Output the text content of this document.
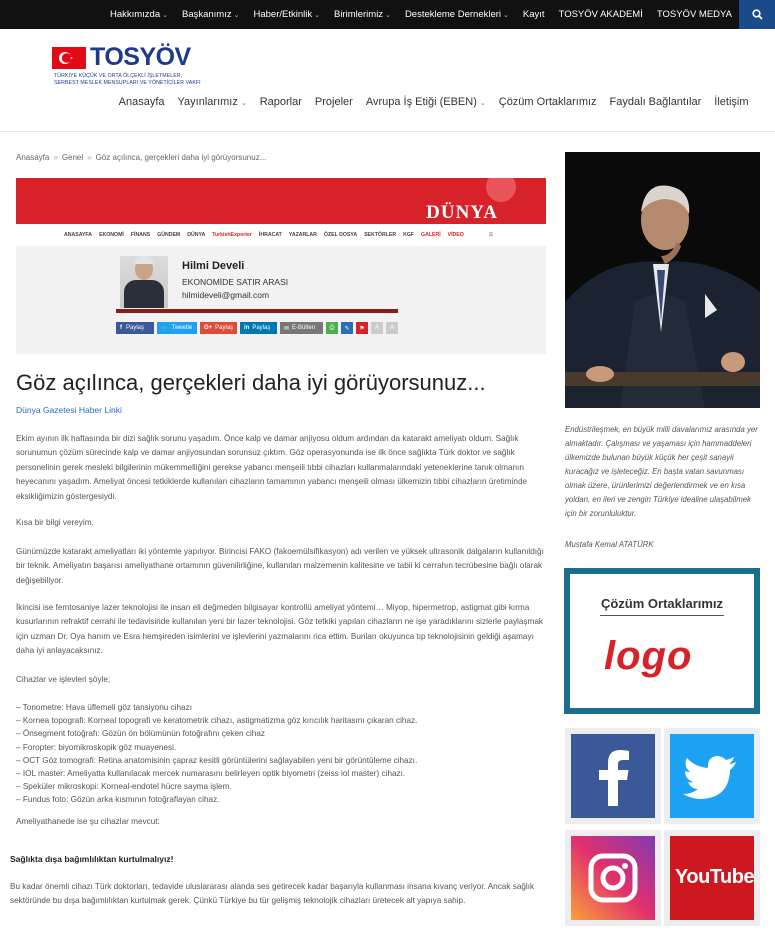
Hakkımızda ⌄ Başkanımız ⌄ Haber/Etkinlik ⌄ Birimlerimiz ⌄ Destekleme Dernekleri ⌄ Kayıt TOSYÖV AKADEMİ TOSYÖV MEDYA
TOSYÖV
TÜRKİYE KÜÇÜK VE ORTA ÖLÇEKLİ İŞLETMELER,
SERBEST MESLEK MENSUPLARI VE YÖNETİCİLER VAKFI
Anasayfa	Yayınlarımız ⌄	Raporlar	Projeler	Avrupa İş Etiği (EBEN) ⌄	Çözüm Ortaklarımız	Faydalı Bağlantılar	İletişim
Anasayfa » Genel » Göz açılınca, gerçekleri daha iyi görüyorsunuz...
DÜNYA
ANASAYFA EKONOMİ FİNANS GÜNDEM DÜNYA TurkishExporter İHRACAT YAZARLAR ÖZEL DOSYA SEKTÖRLER KGF GALERİ VİDEO	☰
Hilmi Develi
EKONOMİDE SATIR ARASI
hilmideveli@gmail.com
f Paylaş	🐦 Tweetle G+ Paylaş in Paylaş ✉ E-Bülten	⎙	✎	⚑	A	A
Göz açılınca, gerçekleri daha iyi görüyorsunuz...
Dünya Gazetesi Haber Linki

Ekim ayının ilk haftasında bir dizi sağlık sorunu yaşadım. Önce kalp ve damar anjiyosu oldum ardından da katarakt ameliyatı oldum. Sağlık sorunumun çözüm sürecinde kalp ve damar anjiyosundan sorunsuz çıktım. Göz operasyonunda ise ilk önce sağlıkta Türk doktor ve sağlık personelinin gerek mesleki bilgilerinin mükemmelliğini gerekse yabancı menşeili tıbbi cihazları kullanmalarındaki yeteneklerine tanık olmanın heyecanını yaşadım. Ameliyat öncesi tetkiklerde kullanılan cihazların tamamının yabancı menşeili olması ülkemizin tıbbi cihazların üretiminde eksikliğimizin göstergesiydi.

Kısa bir bilgi vereyim.

Günümüzde katarakt ameliyatları iki yöntemle yapılıyor. Birincisi FAKO (fakoemülsifikasyon) adı verilen ve yüksek ultrasonik dalgaların kullanıldığı bir teknik. Ameliyatın başarısı ameliyathane ortamının güvenilirliğine, kullanılan malzemenin kalitesine ve tabii ki cerrahın tecrübesine bağlı olarak değişebiliyor.

İkincisi ise femtosaniye lazer teknolojisi ile insan eli değmeden bilgisayar kontrollü ameliyat yöntemi… Miyop, hipermetrop, astigmat gibi kırma kusurlarının refraktif cerrahi ile tedavisinde kullanılan yeni bir lazer teknolojisi. Göz tetkiki yapılan cihazların ne işe yaradıklarını sizlerle paylaşmak için uzman Dr. Oya hanım ve Esra hemşireden isimlerini ve işlevlerini yazmalarını rica ettim. Bunları okuyunca tıp teknolojisinin geldiği aşamayı daha iyi anlayacaksınız.

Cihazlar ve işlevleri şöyle;

– Tonometre: Hava üflemeli göz tansiyonu cihazı
– Kornea topografi: Korneal topografi ve keratometrik cihazı, astigmatizma göz kırıcılık haritasını çıkaran cihaz.
– Önsegment fotoğrafı: Gözün ön bölümünün fotoğrafını çeken cihaz
– Foropter: biyomikroskopik göz muayenesi.
– OCT Göz tomografi: Retina anatomisinin çapraz kesitli görüntülerini sağlayabilen yeni bir görüntüleme cihazı.
– IOL master: Ameliyatta kullanılacak mercek numarasını belirleyen optik biyometri (zeiss iol master) cihazı.
– Speküler mikroskopi: Korneal-endotel hücre sayma işlem.
– Fundus foto: Gözün arka kısmının fotoğraflayan cihaz.

Ameliyathanede ise şu cihazlar mevcut:

Sağlıkta dışa bağımlılıktan kurtulmalıyız!

Bu kadar önemli cihazı Türk doktorları, tedavide uluslararası alanda ses getirecek kadar başarıyla kullanması insana kıvanç veriyor. Ancak sağlık sektöründe bu dışa bağımlılıktan kurtulmak gerek. Çünkü Türkiye bu tür gelişmiş teknolojik cihazları üretecek alt yapıya sahip.

Endüstrileşmek, en büyük milli davalarımız arasında yer almaktadır. Çalışması ve yaşaması için hammaddeleri ülkemizde bulunan büyük küçük her çeşit sanayii kuracağız ve işleteceğiz. En başta vatan savunması olmak üzere, ürünlerimizi değerlendirmek ve en kısa yoldan, en ileri ve zengin Türkiye idealine ulaşabilmek için bir zorunluluktur.

Mustafa Kemal ATATÜRK

Çözüm Ortaklarımız
logo
YouTube
